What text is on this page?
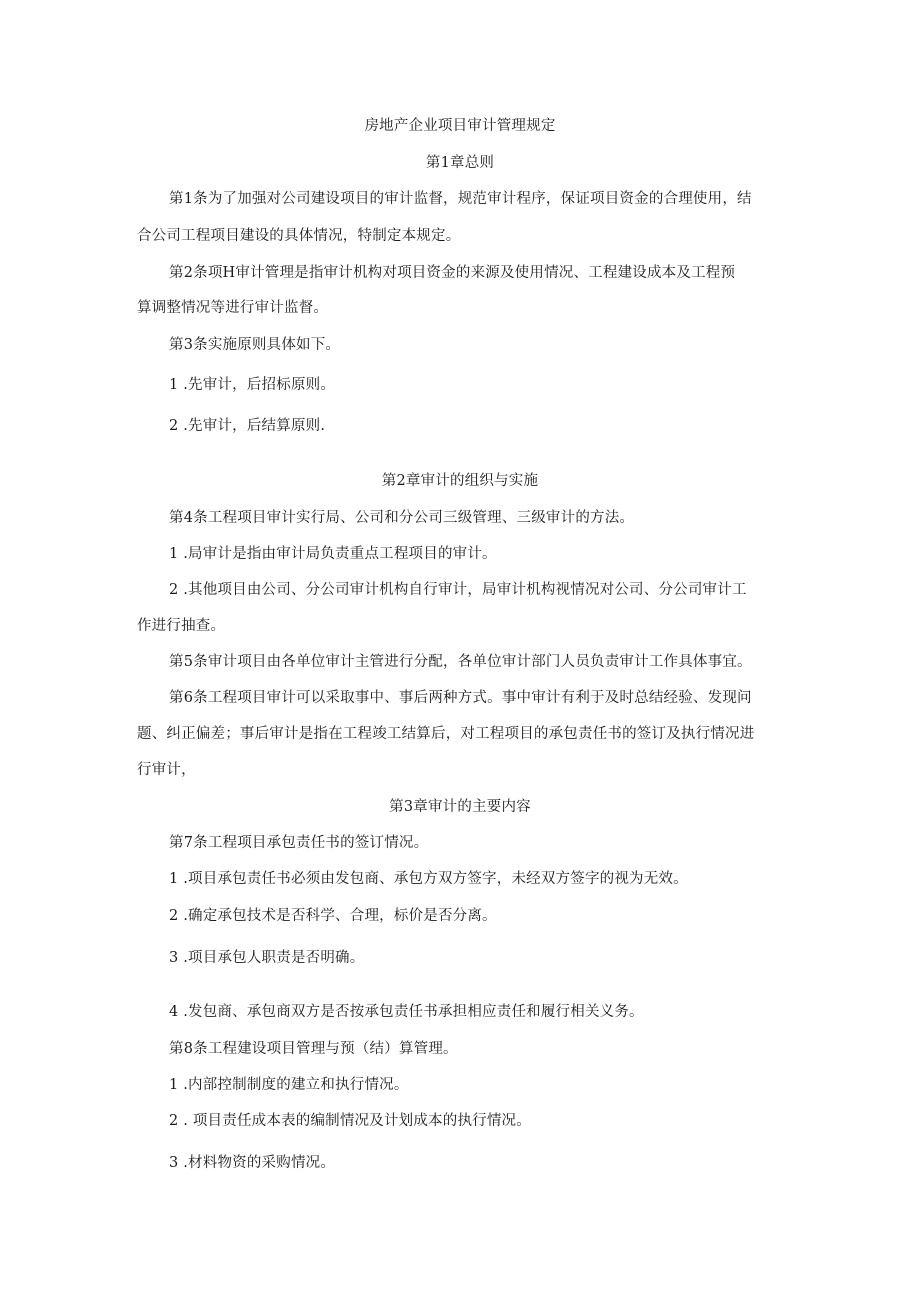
房地产企业项目审计管理规定
第1章总则
第1条为了加强对公司建设项目的审计监督，规范审计程序，保证项目资金的合理使用，结
合公司工程项目建设的具体情况，特制定本规定。
第2条项H审计管理是指审计机构对项目资金的来源及使用情况、工程建设成本及工程预
算调整情况等进行审计监督。
第3条实施原则具体如下。
1 .先审计，后招标原则。
2 .先审计，后结算原则.
第2章审计的组织与实施
第4条工程项目审计实行局、公司和分公司三级管理、三级审计的方法。
1 .局审计是指由审计局负责重点工程项目的审计。
2 .其他项目由公司、分公司审计机构自行审计，局审计机构视情况对公司、分公司审计工
作进行抽查。
第5条审计项目由各单位审计主管进行分配，各单位审计部门人员负责审计工作具体事宜。
第6条工程项目审计可以采取事中、事后两种方式。事中审计有利于及时总结经验、发现问
题、纠正偏差；事后审计是指在工程竣工结算后，对工程项目的承包责任书的签订及执行情况进
行审计，
第3章审计的主要内容
第7条工程项目承包责任书的签订情况。
1 .项目承包责任书必须由发包商、承包方双方签字，未经双方签字的视为无效。
2 .确定承包技术是否科学、合理，标价是否分离。
3 .项目承包人职责是否明确。
4 .发包商、承包商双方是否按承包责任书承担相应责任和履行相关义务。
第8条工程建设项目管理与预（结）算管理。
1 .内部控制制度的建立和执行情况。
2 . 项目责任成本表的编制情况及计划成本的执行情况。
3 .材料物资的采购情况。
